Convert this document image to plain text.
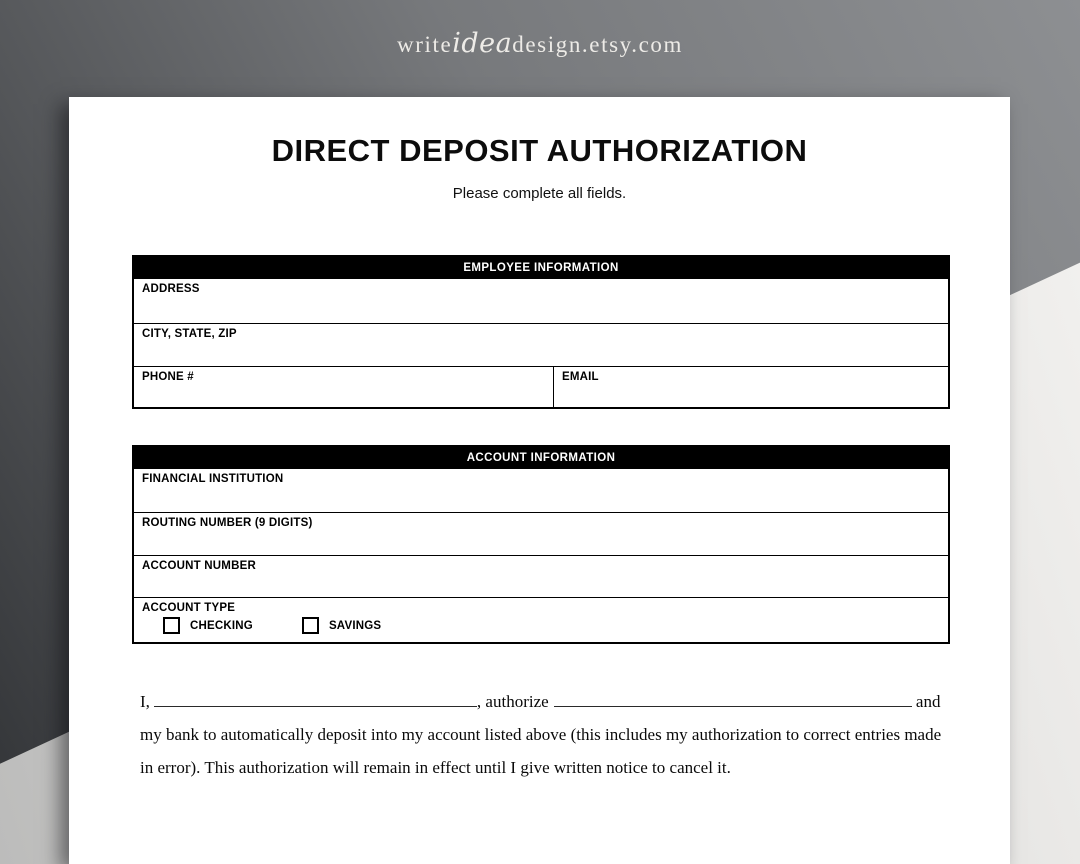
writeideadesign.etsy.com
DIRECT DEPOSIT AUTHORIZATION
Please complete all fields.
EMPLOYEE INFORMATION
ADDRESS
CITY, STATE, ZIP
PHONE #	EMAIL
ACCOUNT INFORMATION
FINANCIAL INSTITUTION
ROUTING NUMBER (9 DIGITS)
ACCOUNT NUMBER
ACCOUNT TYPE
CHECKING	SAVINGS

I,	, authorize	and my bank to automatically deposit into my account listed above (this includes my authorization to correct entries made in error). This authorization will remain in effect until I give written notice to cancel it.
